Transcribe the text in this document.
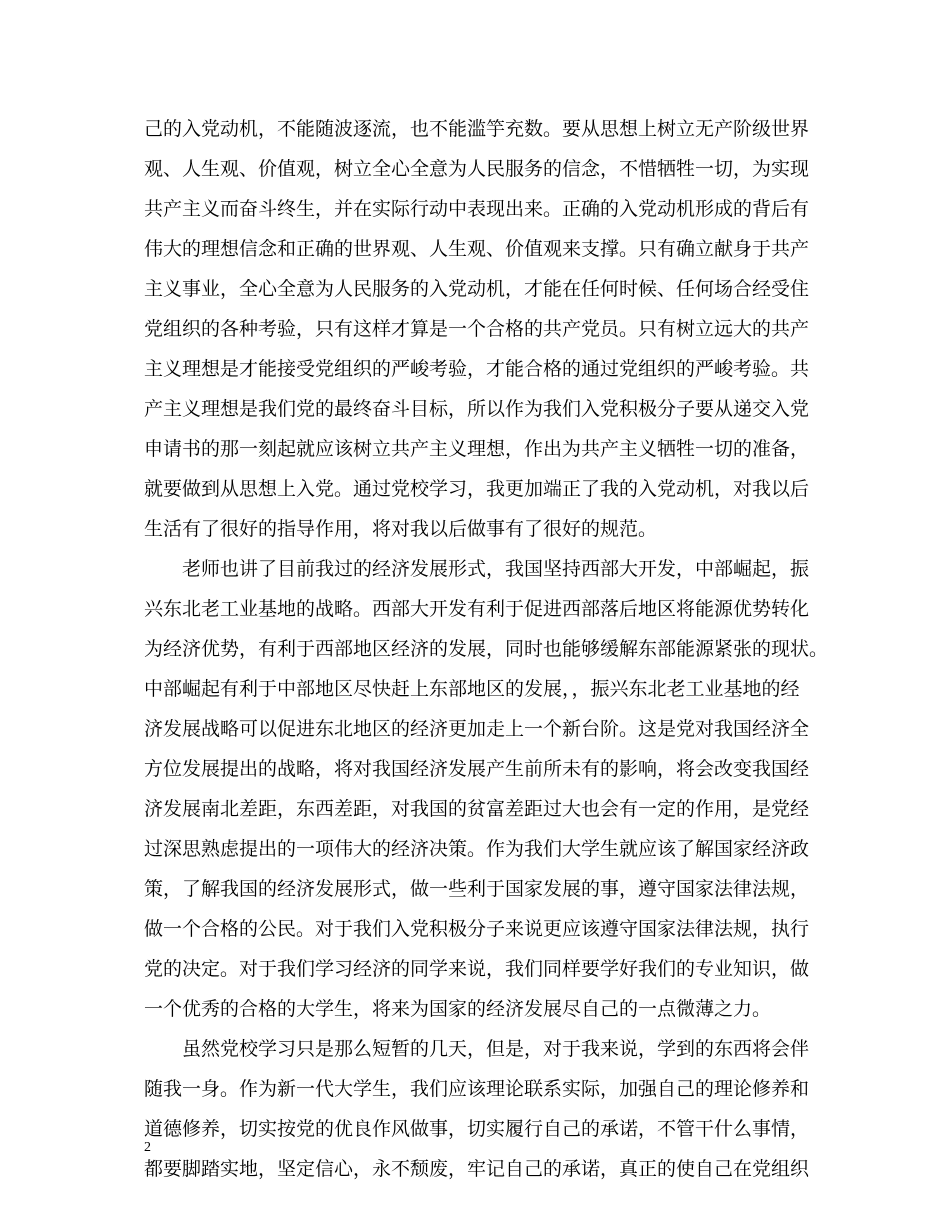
己的入党动机，不能随波逐流，也不能滥竽充数。要从思想上树立无产阶级世界
观、人生观、价值观，树立全心全意为人民服务的信念，不惜牺牲一切，为实现
共产主义而奋斗终生，并在实际行动中表现出来。正确的入党动机形成的背后有
伟大的理想信念和正确的世界观、人生观、价值观来支撑。只有确立献身于共产
主义事业，全心全意为人民服务的入党动机，才能在任何时候、任何场合经受住
党组织的各种考验，只有这样才算是一个合格的共产党员。只有树立远大的共产
主义理想是才能接受党组织的严峻考验，才能合格的通过党组织的严峻考验。共
产主义理想是我们党的最终奋斗目标，所以作为我们入党积极分子要从递交入党
申请书的那一刻起就应该树立共产主义理想，作出为共产主义牺牲一切的准备，
就要做到从思想上入党。通过党校学习，我更加端正了我的入党动机，对我以后
生活有了很好的指导作用，将对我以后做事有了很好的规范。
老师也讲了目前我过的经济发展形式，我国坚持西部大开发，中部崛起，振
兴东北老工业基地的战略。西部大开发有利于促进西部落后地区将能源优势转化
为经济优势，有利于西部地区经济的发展，同时也能够缓解东部能源紧张的现状。
中部崛起有利于中部地区尽快赶上东部地区的发展，，振兴东北老工业基地的经
济发展战略可以促进东北地区的经济更加走上一个新台阶。这是党对我国经济全
方位发展提出的战略，将对我国经济发展产生前所未有的影响，将会改变我国经
济发展南北差距，东西差距，对我国的贫富差距过大也会有一定的作用，是党经
过深思熟虑提出的一项伟大的经济决策。作为我们大学生就应该了解国家经济政
策，了解我国的经济发展形式，做一些利于国家发展的事，遵守国家法律法规，
做一个合格的公民。对于我们入党积极分子来说更应该遵守国家法律法规，执行
党的决定。对于我们学习经济的同学来说，我们同样要学好我们的专业知识，做
一个优秀的合格的大学生，将来为国家的经济发展尽自己的一点微薄之力。
虽然党校学习只是那么短暂的几天，但是，对于我来说，学到的东西将会伴
随我一身。作为新一代大学生，我们应该理论联系实际，加强自己的理论修养和
道德修养，切实按党的优良作风做事，切实履行自己的承诺，不管干什么事情，
都要脚踏实地，坚定信心，永不颓废，牢记自己的承诺，真正的使自己在党组织
2
